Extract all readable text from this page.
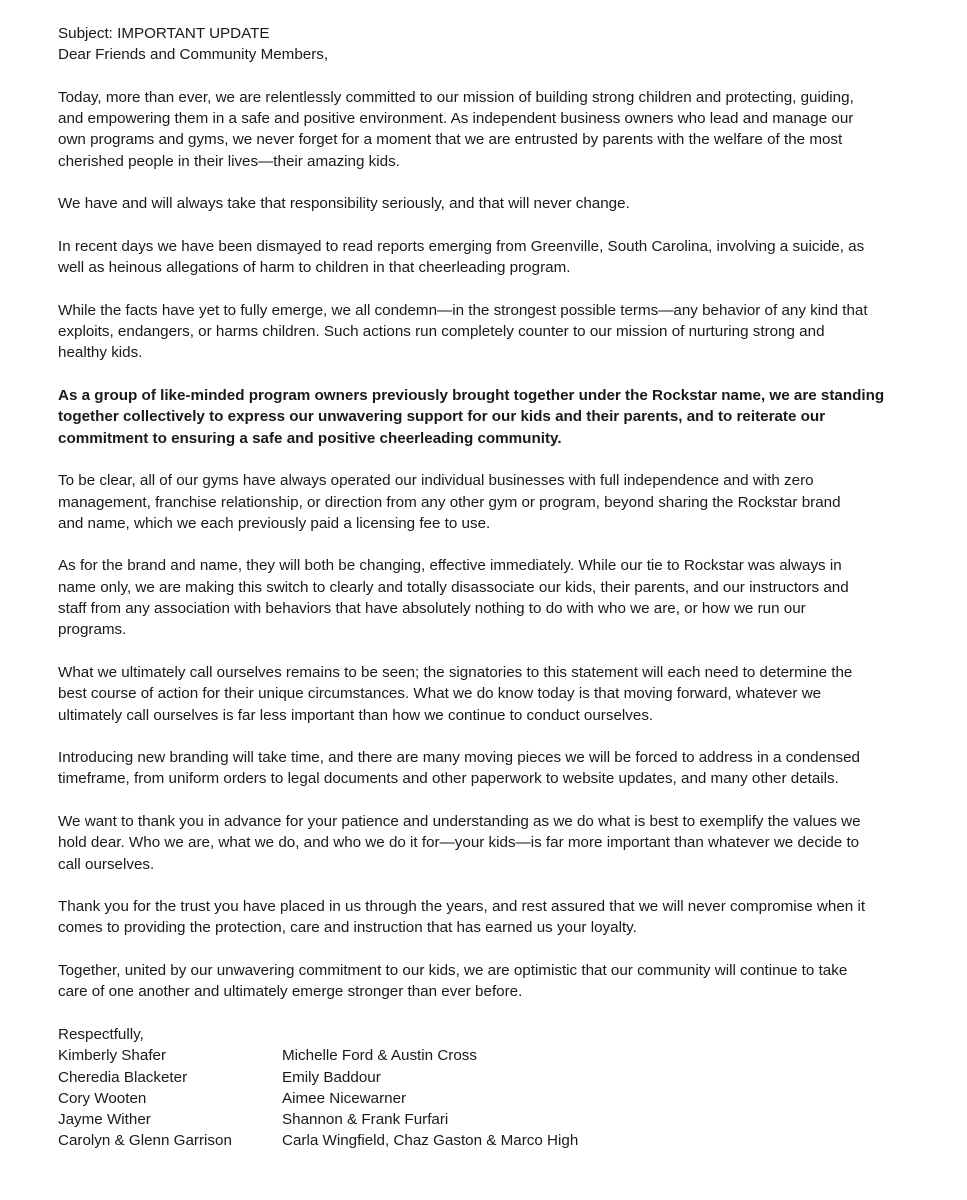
Subject: IMPORTANT UPDATE
Dear Friends and Community Members,
Today, more than ever, we are relentlessly committed to our mission of building strong children and protecting, guiding,
and empowering them in a safe and positive environment. As independent business owners who lead and manage our
own programs and gyms, we never forget for a moment that we are entrusted by parents with the welfare of the most
cherished people in their lives—their amazing kids.
We have and will always take that responsibility seriously, and that will never change.
In recent days we have been dismayed to read reports emerging from Greenville, South Carolina, involving a suicide, as
well as heinous allegations of harm to children in that cheerleading program.
While the facts have yet to fully emerge, we all condemn—in the strongest possible terms—any behavior of any kind that
exploits, endangers, or harms children. Such actions run completely counter to our mission of nurturing strong and
healthy kids.
As a group of like-minded program owners previously brought together under the Rockstar name, we are standing
together collectively to express our unwavering support for our kids and their parents, and to reiterate our
commitment to ensuring a safe and positive cheerleading community.
To be clear, all of our gyms have always operated our individual businesses with full independence and with zero
management, franchise relationship, or direction from any other gym or program, beyond sharing the Rockstar brand
and name, which we each previously paid a licensing fee to use.
As for the brand and name, they will both be changing, effective immediately. While our tie to Rockstar was always in
name only, we are making this switch to clearly and totally disassociate our kids, their parents, and our instructors and
staff from any association with behaviors that have absolutely nothing to do with who we are, or how we run our
programs.
What we ultimately call ourselves remains to be seen; the signatories to this statement will each need to determine the
best course of action for their unique circumstances. What we do know today is that moving forward, whatever we
ultimately call ourselves is far less important than how we continue to conduct ourselves.
Introducing new branding will take time, and there are many moving pieces we will be forced to address in a condensed
timeframe, from uniform orders to legal documents and other paperwork to website updates, and many other details.
We want to thank you in advance for your patience and understanding as we do what is best to exemplify the values we
hold dear. Who we are, what we do, and who we do it for—your kids—is far more important than whatever we decide to
call ourselves.
Thank you for the trust you have placed in us through the years, and rest assured that we will never compromise when it
comes to providing the protection, care and instruction that has earned us your loyalty.
Together, united by our unwavering commitment to our kids, we are optimistic that our community will continue to take
care of one another and ultimately emerge stronger than ever before.
Respectfully,
Kimberly Shafer	Michelle Ford & Austin Cross
Cheredia Blacketer	Emily Baddour
Cory Wooten	Aimee Nicewarner
Jayme Wither	Shannon & Frank Furfari
Carolyn & Glenn Garrison	Carla Wingfield, Chaz Gaston & Marco High
